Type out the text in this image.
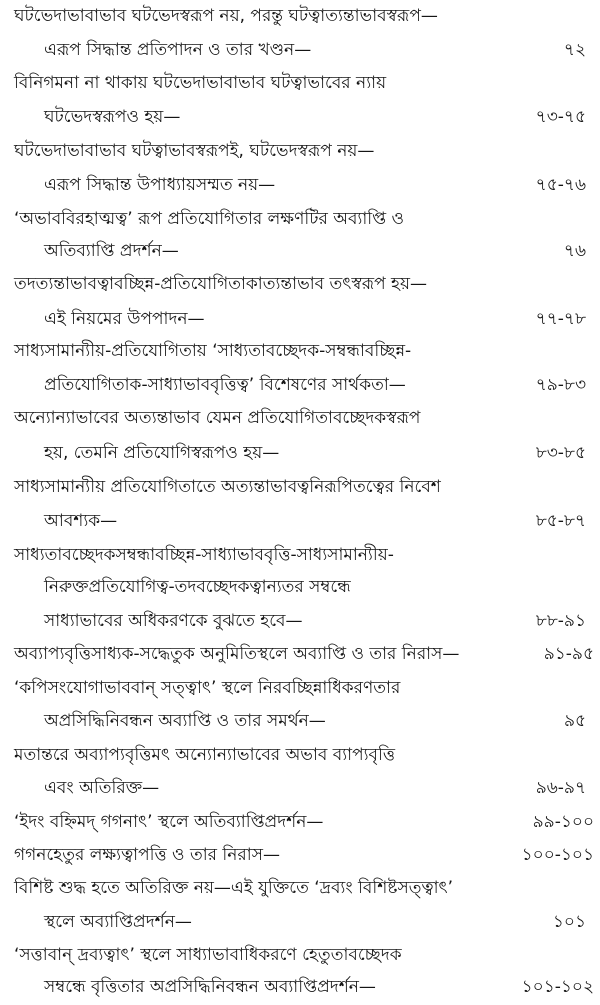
ঘটভেদাভাবাভাব ঘটভেদস্বরূপ নয়, পরন্তু ঘটত্বাত্যন্তাভাবস্বরূপ—
এরূপ সিদ্ধান্ত প্রতিপাদন ও তার খণ্ডন—	৭২
বিনিগমনা না থাকায় ঘটভেদাভাবাভাব ঘটত্বাভাবের ন্যায়
ঘটভেদস্বরূপও হয়—	৭৩-৭৫
ঘটভেদাভাবাভাব ঘটত্বাভাবস্বরূপই, ঘটভেদস্বরূপ নয়—
এরূপ সিদ্ধান্ত উপাধ্যায়সম্মত নয়—	৭৫-৭৬
‘অভাববিরহাত্মত্ব’ রূপ প্রতিযোগিতার লক্ষণটির অব্যাপ্তি ও
অতিব্যাপ্তি প্রদর্শন—	৭৬
তদত্যন্তাভাবত্বাবচ্ছিন্ন-প্রতিযোগিতাকাত্যন্তাভাব তৎস্বরূপ হয়—
এই নিয়মের উপপাদন—	৭৭-৭৮
সাধ্যসামান্যীয়-প্রতিযোগিতায় ‘সাধ্যতাবচ্ছেদক-সম্বন্ধাবচ্ছিন্ন-
প্রতিযোগিতাক-সাধ্যাভাববৃত্তিত্ব’ বিশেষণের সার্থকতা—	৭৯-৮৩
অন্যোন্যাভাবের অত্যন্তাভাব যেমন প্রতিযোগিতাবচ্ছেদকস্বরূপ
হয়, তেমনি প্রতিযোগিস্বরূপও হয়—	৮৩-৮৫
সাধ্যসামান্যীয় প্রতিযোগিতাতে অত্যন্তাভাবত্বনিরূপিতত্বের নিবেশ
আবশ্যক—	৮৫-৮৭
সাধ্যতাবচ্ছেদকসম্বন্ধাবচ্ছিন্ন-সাধ্যাভাববৃত্তি-সাধ্যসামান্যীয়-
নিরুক্তপ্রতিযোগিত্ব-তদবচ্ছেদকত্বান্যতর সম্বন্ধে
সাধ্যাভাবের অধিকরণকে বুঝতে হবে—	৮৮-৯১
অব্যাপ্যবৃত্তিসাধ্যক-সদ্ধেতুক অনুমিতিস্থলে অব্যাপ্তি ও তার নিরাস—	৯১-৯৫
‘কপিসংযোগাভাববান্ সত্ত্বাৎ’ স্থলে নিরবচ্ছিন্নাধিকরণতার
অপ্রসিদ্ধিনিবন্ধন অব্যাপ্তি ও তার সমর্থন—	৯৫
মতান্তরে অব্যাপ্যবৃত্তিমৎ অন্যোন্যাভাবের অভাব ব্যাপ্যবৃত্তি
এবং অতিরিক্ত—	৯৬-৯৭
‘ইদং বহ্নিমদ্ গগনাৎ’ স্থলে অতিব্যাপ্তিপ্রদর্শন—	৯৯-১০০
গগনহেতুর লক্ষ্যত্বাপত্তি ও তার নিরাস—	১০০-১০১
বিশিষ্ট শুদ্ধ হতে অতিরিক্ত নয়—এই যুক্তিতে ‘দ্রব্যং বিশিষ্টসত্ত্বাৎ’
স্থলে অব্যাপ্তিপ্রদর্শন—	১০১
‘সত্তাবান্ দ্রব্যত্বাৎ’ স্থলে সাধ্যাভাবাধিকরণে হেতুতাবচ্ছেদক
সম্বন্ধে বৃত্তিতার অপ্রসিদ্ধিনিবন্ধন অব্যাপ্তিপ্রদর্শন—	১০১-১০২
